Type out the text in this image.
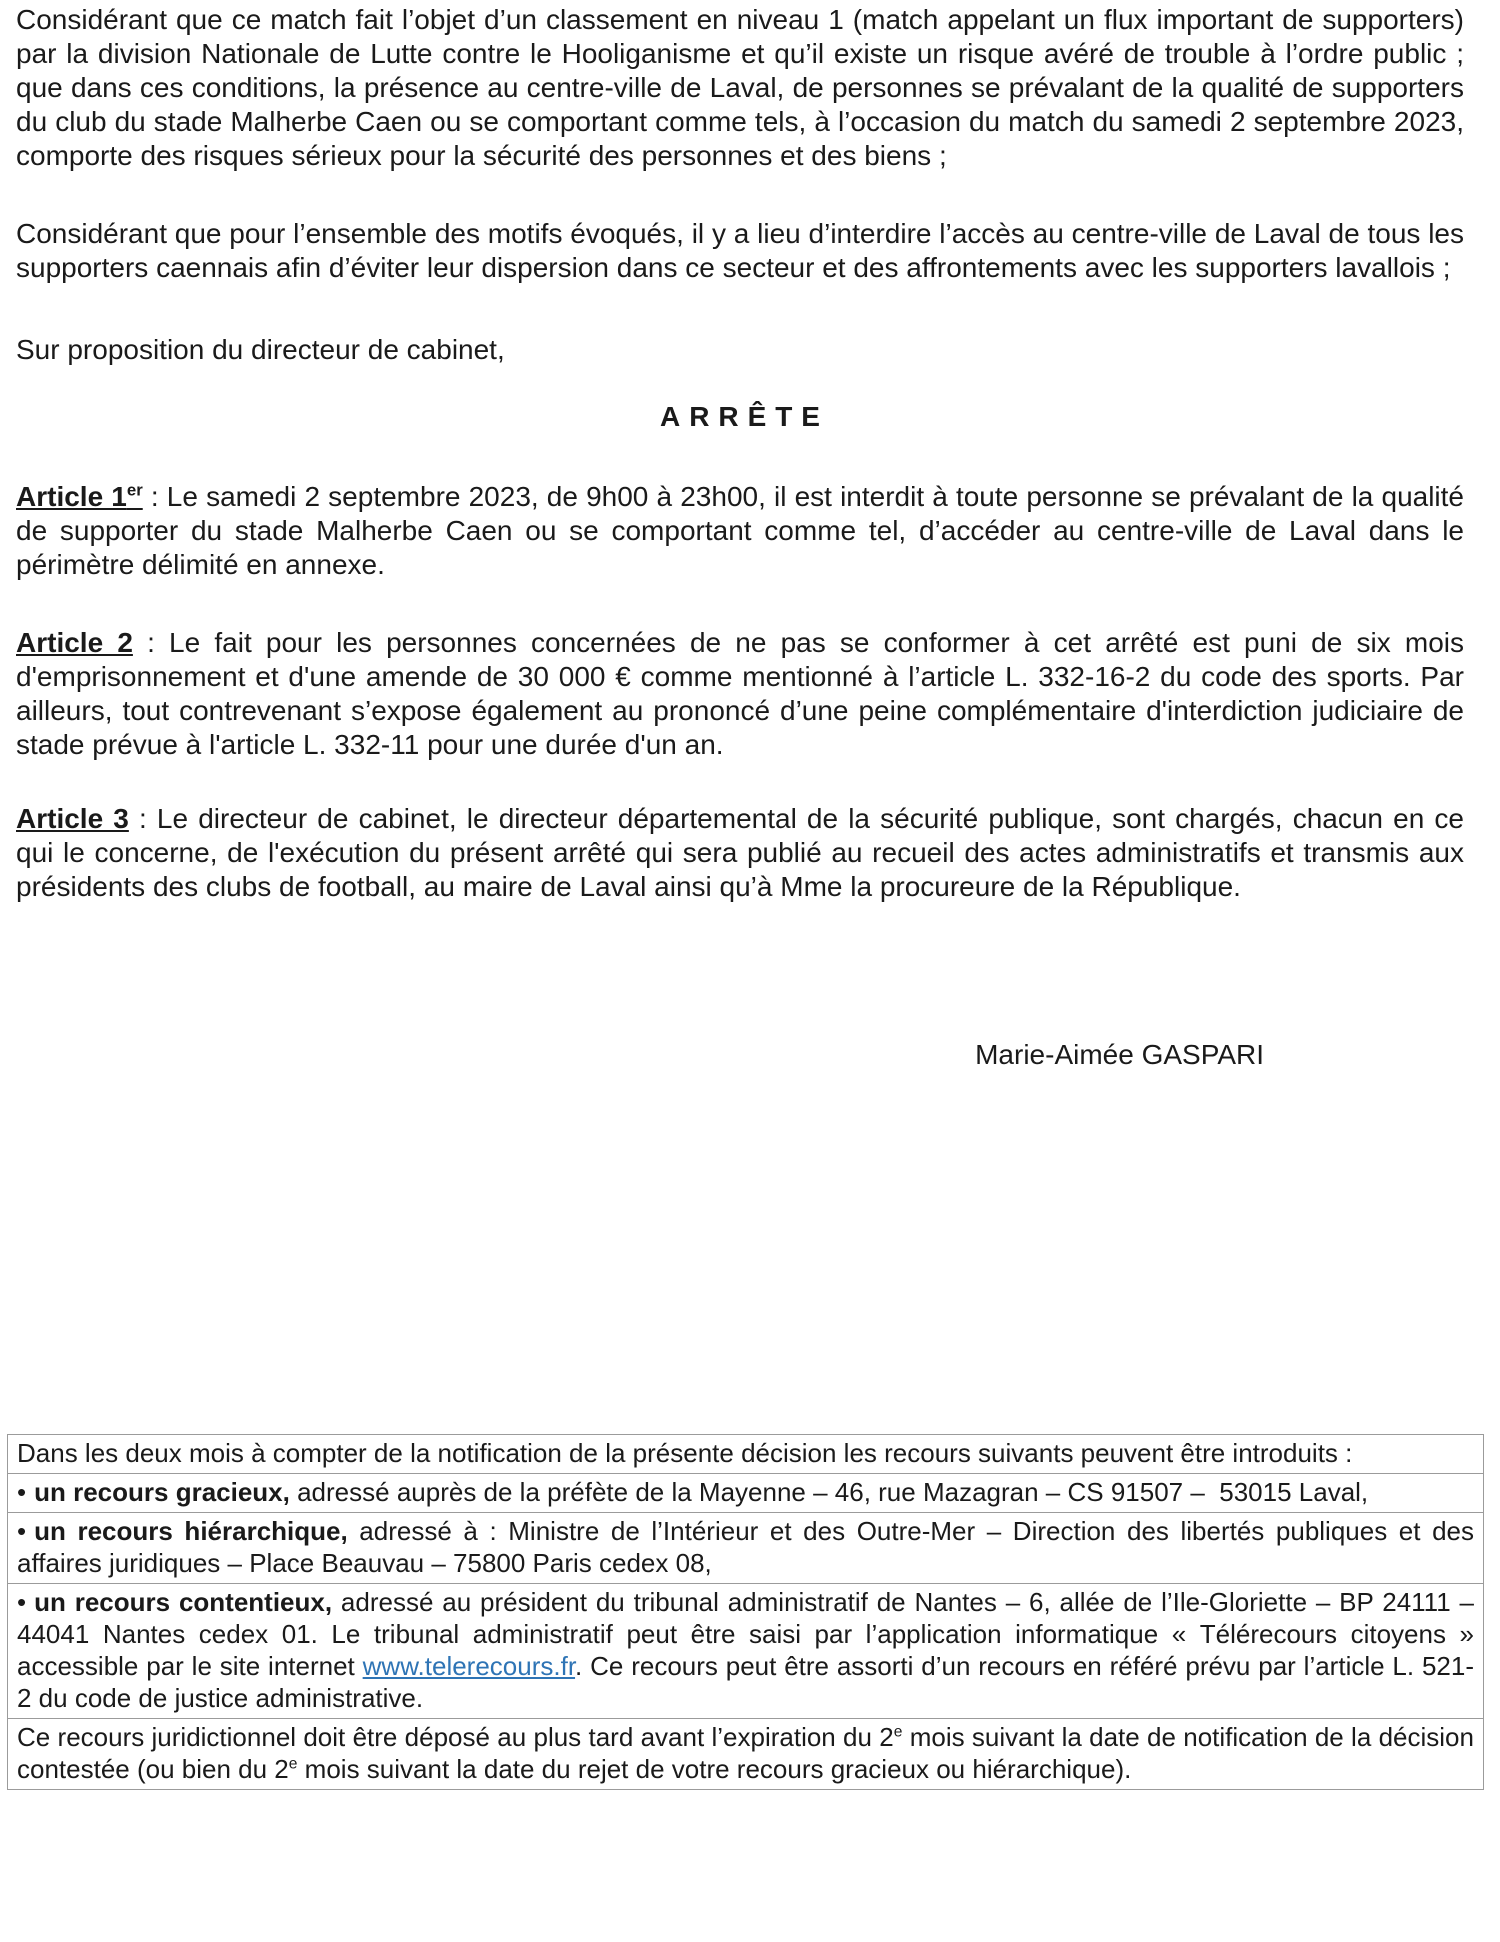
Considérant que ce match fait l’objet d’un classement en niveau 1 (match appelant un flux important de supporters) par la division Nationale de Lutte contre le Hooliganisme et qu’il existe un risque avéré de trouble à l’ordre public ; que dans ces conditions, la présence au centre-ville de Laval, de personnes se prévalant de la qualité de supporters du club du stade Malherbe Caen ou se comportant comme tels, à l’occasion du match du samedi 2 septembre 2023, comporte des risques sérieux pour la sécurité des personnes et des biens ;

Considérant que pour l’ensemble des motifs évoqués, il y a lieu d’interdire l’accès au centre-ville de Laval de tous les supporters caennais afin d’éviter leur dispersion dans ce secteur et des affrontements avec les supporters lavallois ;

Sur proposition du directeur de cabinet,

ARRÊTE

Article 1er : Le samedi 2 septembre 2023, de 9h00 à 23h00, il est interdit à toute personne se prévalant de la qualité de supporter du stade Malherbe Caen ou se comportant comme tel, d’accéder au centre-ville de Laval dans le périmètre délimité en annexe.

Article 2 : Le fait pour les personnes concernées de ne pas se conformer à cet arrêté est puni de six mois d'emprisonnement et d'une amende de 30 000 € comme mentionné à l’article L. 332-16-2 du code des sports. Par ailleurs, tout contrevenant s’expose également au prononcé d’une peine complémentaire d'interdiction judiciaire de stade prévue à l'article L. 332-11 pour une durée d'un an.

Article 3 : Le directeur de cabinet, le directeur départemental de la sécurité publique, sont chargés, chacun en ce qui le concerne, de l'exécution du présent arrêté qui sera publié au recueil des actes administratifs et transmis aux présidents des clubs de football, au maire de Laval ainsi qu’à Mme la procureure de la République.

Marie-Aimée GASPARI
Dans les deux mois à compter de la notification de la présente décision les recours suivants peuvent être introduits :
• un recours gracieux, adressé auprès de la préfète de la Mayenne – 46, rue Mazagran – CS 91507 –  53015 Laval,
• un recours hiérarchique, adressé à : Ministre de l’Intérieur et des Outre-Mer – Direction des libertés publiques et des affaires juridiques – Place Beauvau – 75800 Paris cedex 08,
• un recours contentieux, adressé au président du tribunal administratif de Nantes – 6, allée de l’Ile-Gloriette – BP 24111 – 44041 Nantes cedex 01. Le tribunal administratif peut être saisi par l’application informatique « Télérecours citoyens » accessible par le site internet www.telerecours.fr. Ce recours peut être assorti d’un recours en référé prévu par l’article L. 521-2 du code de justice administrative.
Ce recours juridictionnel doit être déposé au plus tard avant l’expiration du 2e mois suivant la date de notification de la décision contestée (ou bien du 2e mois suivant la date du rejet de votre recours gracieux ou hiérarchique).
